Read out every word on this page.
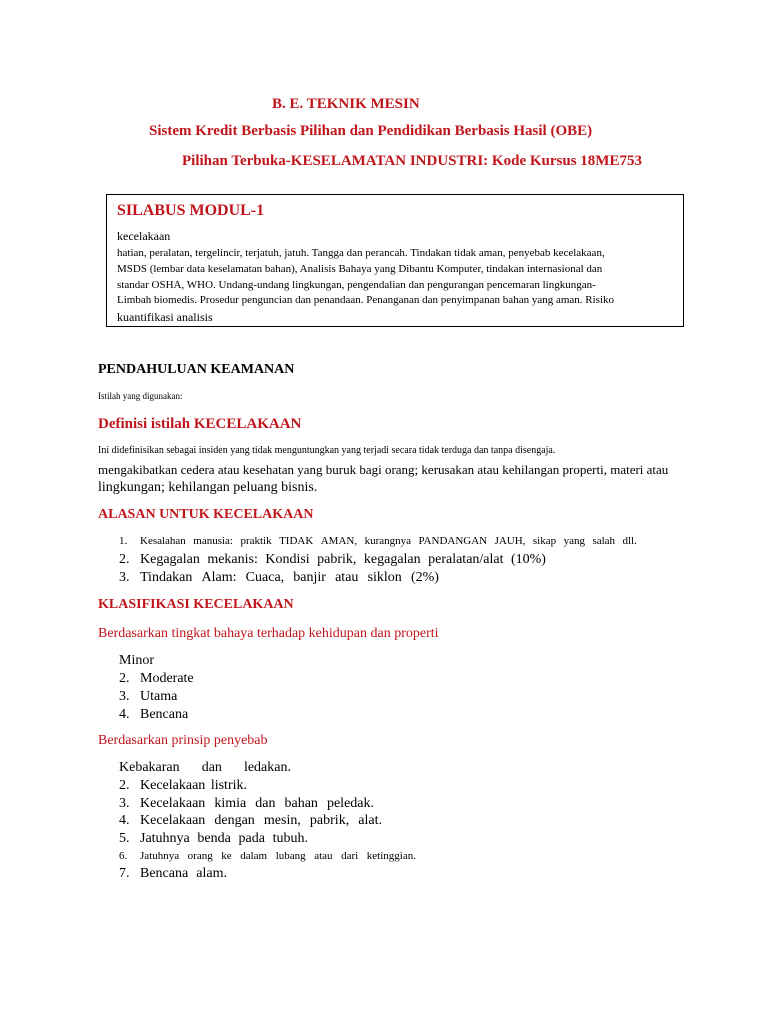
B. E. TEKNIK MESIN
Sistem Kredit Berbasis Pilihan dan Pendidikan Berbasis Hasil (OBE)
Pilihan Terbuka-KESELAMATAN INDUSTRI: Kode Kursus 18ME753
SILABUS MODUL-1
kecelakaan
hatian, peralatan, tergelincir, terjatuh, jatuh. Tangga dan perancah. Tindakan tidak aman, penyebab kecelakaan,
MSDS (lembar data keselamatan bahan), Analisis Bahaya yang Dibantu Komputer, tindakan internasional dan
standar OSHA, WHO. Undang-undang lingkungan, pengendalian dan pengurangan pencemaran lingkungan-
Limbah biomedis. Prosedur penguncian dan penandaan. Penanganan dan penyimpanan bahan yang aman. Risiko
kuantifikasi analisis
PENDAHULUAN KEAMANAN
Istilah yang digunakan:
Definisi istilah KECELAKAAN
Ini didefinisikan sebagai insiden yang tidak menguntungkan yang terjadi secara tidak terduga dan tanpa disengaja.
mengakibatkan cedera atau kesehatan yang buruk bagi orang; kerusakan atau kehilangan properti, materi atau
lingkungan; kehilangan peluang bisnis.
ALASAN UNTUK KECELAKAAN
1. Kesalahan manusia: praktik TIDAK AMAN, kurangnya PANDANGAN JAUH, sikap yang salah dll.
2. Kegagalan mekanis: Kondisi pabrik, kegagalan peralatan/alat (10%)
3. Tindakan Alam: Cuaca, banjir atau siklon (2%)
KLASIFIKASI KECELAKAAN
Berdasarkan tingkat bahaya terhadap kehidupan dan properti
Minor
2. Moderate
3. Utama
4. Bencana
Berdasarkan prinsip penyebab
Kebakaran dan ledakan.
2. Kecelakaan listrik.
3. Kecelakaan kimia dan bahan peledak.
4. Kecelakaan dengan mesin, pabrik, alat.
5. Jatuhnya benda pada tubuh.
6. Jatuhnya orang ke dalam lubang atau dari ketinggian.
7. Bencana alam.
